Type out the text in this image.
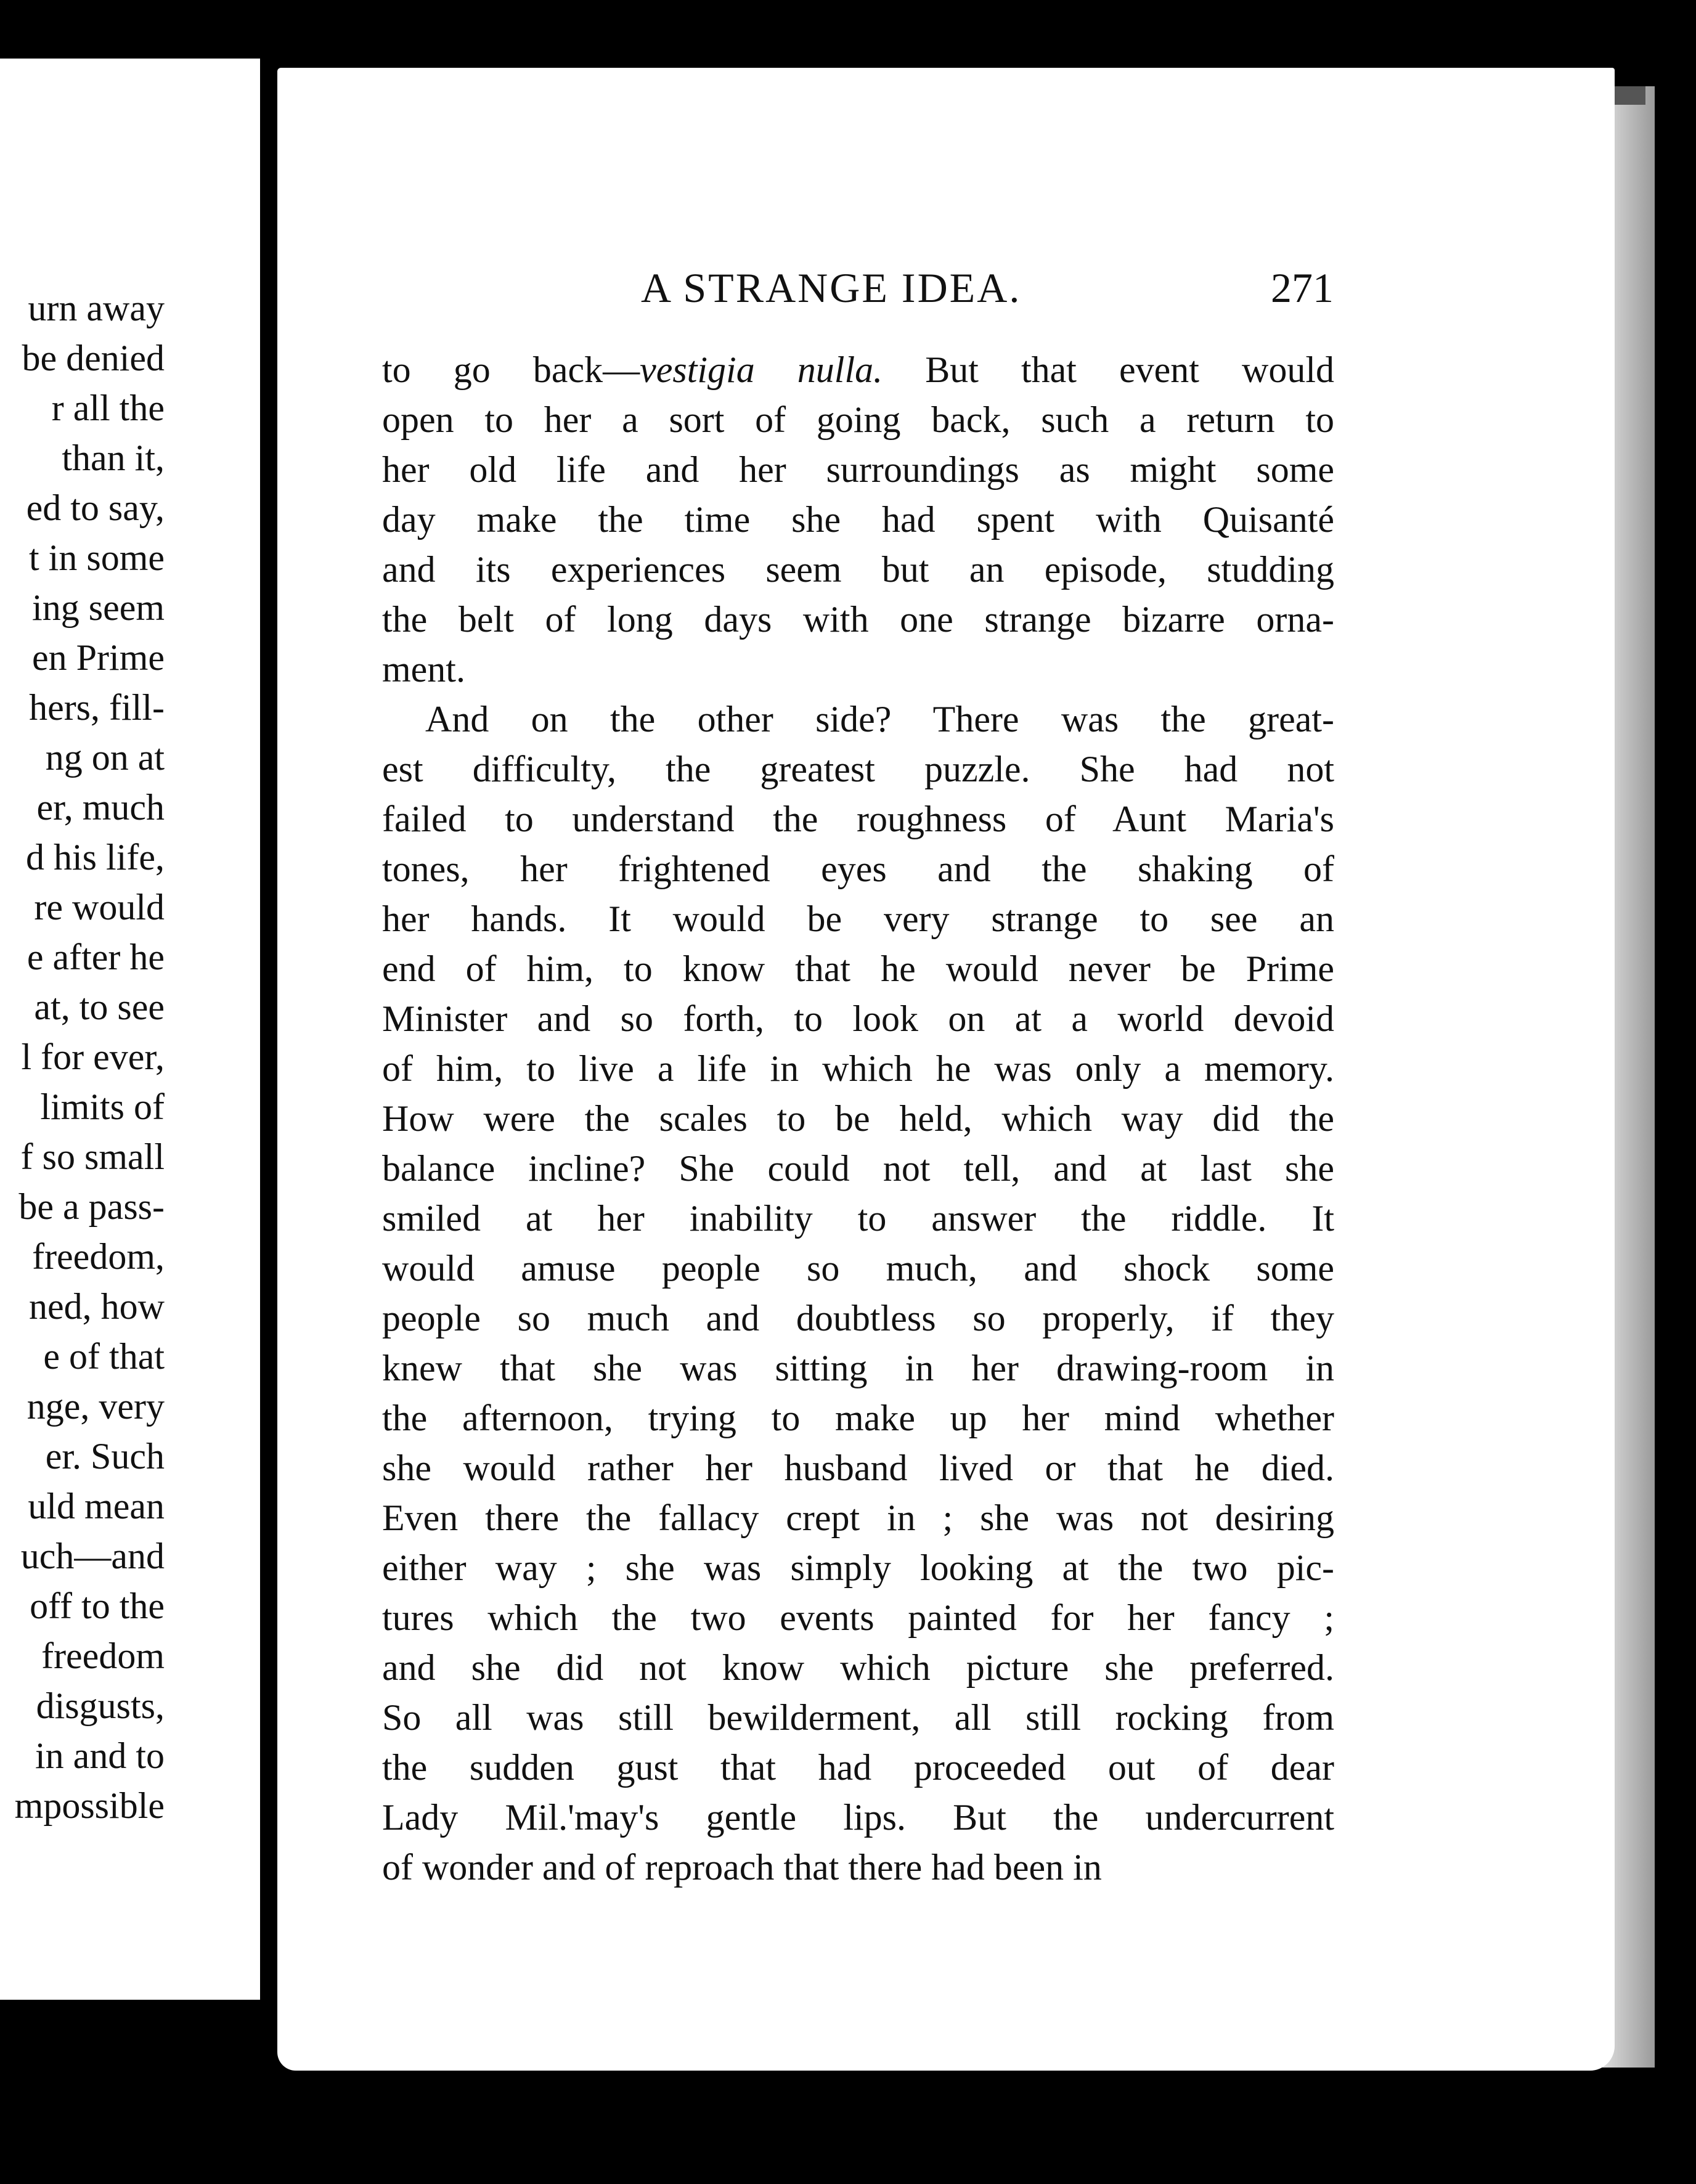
urn away
be denied
r all the
than it,
ed to say,
t in some
ing seem
en Prime
hers, fill-
ng on at
er, much
d his life,
re would
e after he
at, to see
l for ever,
limits of
f so small
be a pass-
freedom,
ned, how
e of that
nge, very
er. Such
uld mean
uch—and
off to the
freedom
disgusts,
in and to
mpossible
A STRANGE IDEA.	271
to go back—vestigia nulla. But that event would
open to her a sort of going back, such a return to
her old life and her surroundings as might some
day make the time she had spent with Quisanté
and its experiences seem but an episode, studding
the belt of long days with one strange bizarre orna-
ment.
And on the other side? There was the great-
est difficulty, the greatest puzzle. She had not
failed to understand the roughness of Aunt Maria's
tones, her frightened eyes and the shaking of
her hands. It would be very strange to see an
end of him, to know that he would never be Prime
Minister and so forth, to look on at a world devoid
of him, to live a life in which he was only a memory.
How were the scales to be held, which way did the
balance incline? She could not tell, and at last she
smiled at her inability to answer the riddle. It
would amuse people so much, and shock some
people so much and doubtless so properly, if they
knew that she was sitting in her drawing-room in
the afternoon, trying to make up her mind whether
she would rather her husband lived or that he died.
Even there the fallacy crept in ; she was not desiring
either way ; she was simply looking at the two pic-
tures which the two events painted for her fancy ;
and she did not know which picture she preferred.
So all was still bewilderment, all still rocking from
the sudden gust that had proceeded out of dear
Lady Mil.'may's gentle lips. But the undercurrent
of wonder and of reproach that there had been in
